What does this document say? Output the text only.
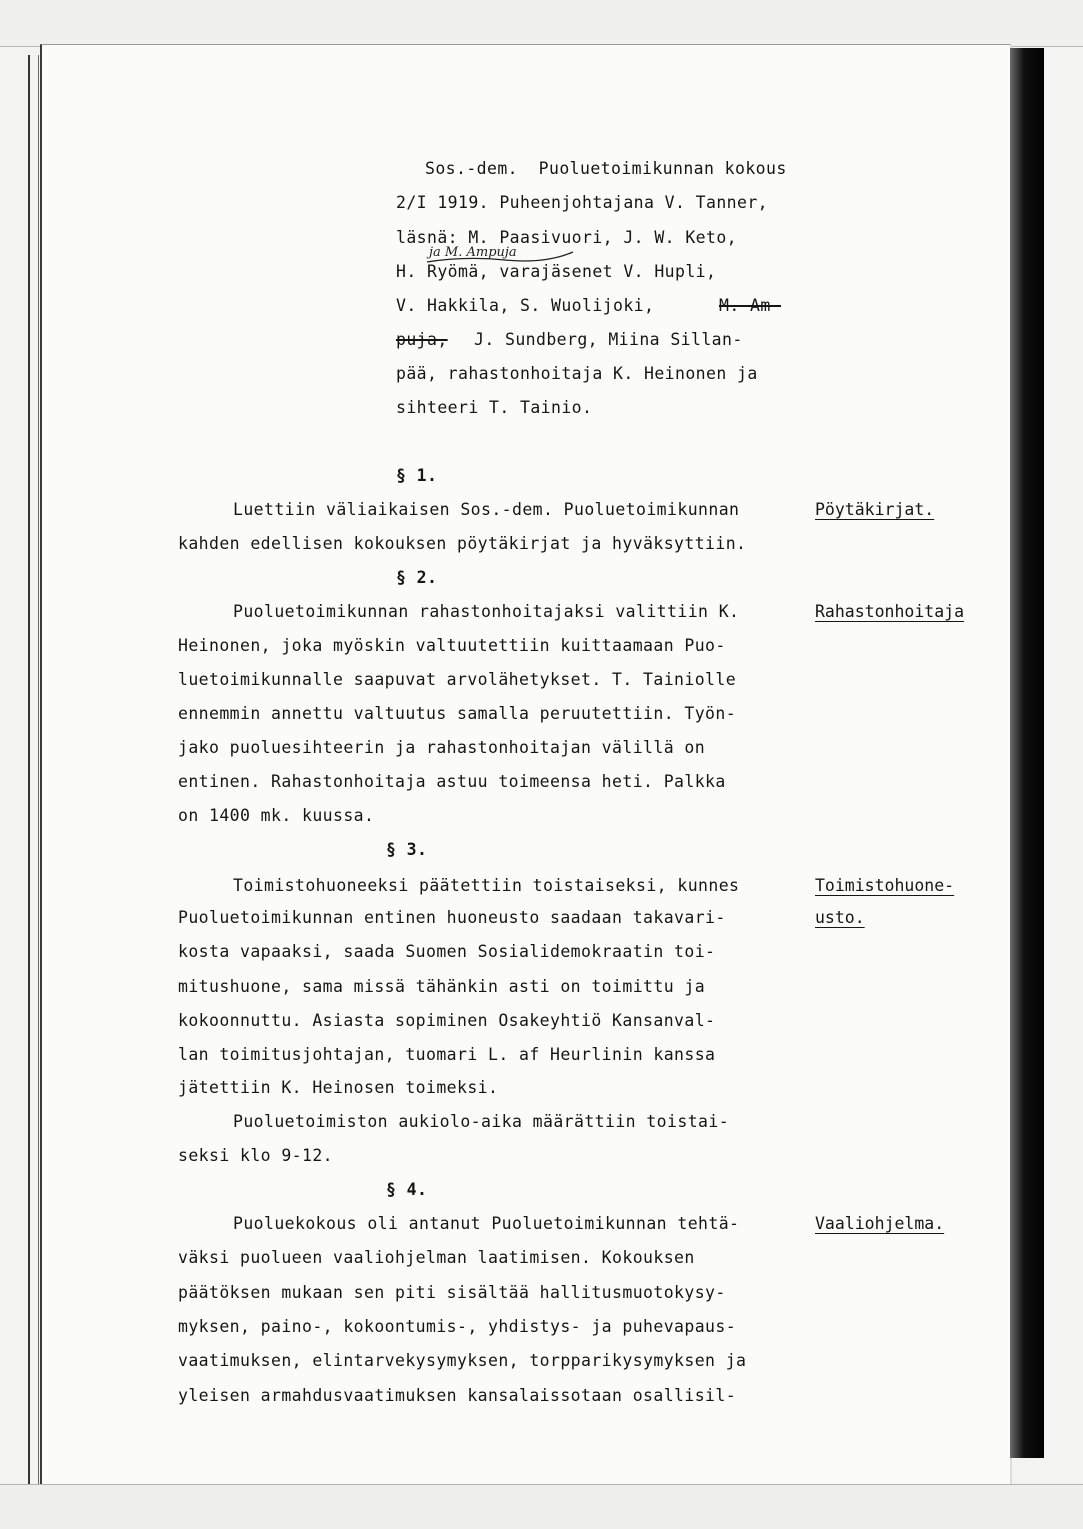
Sos.-dem.  Puoluetoimikunnan kokous
2/I 1919. Puheenjohtajana V. Tanner,
läsnä: M. Paasivuori, J. W. Keto,
ja M. Ampuja
H. Ryömä, varajäsenet V. Hupli,
V. Hakkila, S. Wuolijoki,	M. Am-
puja, J. Sundberg, Miina Sillan-
pää, rahastonhoitaja K. Heinonen ja
sihteeri T. Tainio.
§ 1.
Luettiin väliaikaisen Sos.-dem. Puoluetoimikunnan	Pöytäkirjat.
kahden edellisen kokouksen pöytäkirjat ja hyväksyttiin.
§ 2.
Puoluetoimikunnan rahastonhoitajaksi valittiin K.	Rahastonhoitaja
Heinonen, joka myöskin valtuutettiin kuittaamaan Puo-
luetoimikunnalle saapuvat arvolähetykset. T. Tainiolle
ennemmin annettu valtuutus samalla peruutettiin. Työn-
jako puoluesihteerin ja rahastonhoitajan välillä on
entinen. Rahastonhoitaja astuu toimeensa heti. Palkka
on 1400 mk. kuussa.
§ 3.
Toimistohuoneeksi päätettiin toistaiseksi, kunnes	Toimistohuone-
Puoluetoimikunnan entinen huoneusto saadaan takavari-	usto.
kosta vapaaksi, saada Suomen Sosialidemokraatin toi-
mitushuone, sama missä tähänkin asti on toimittu ja
kokoonnuttu. Asiasta sopiminen Osakeyhtiö Kansanval-
lan toimitusjohtajan, tuomari L. af Heurlinin kanssa
jätettiin K. Heinosen toimeksi.
Puoluetoimiston aukiolo-aika määrättiin toistai-
seksi klo 9-12.
§ 4.
Puoluekokous oli antanut Puoluetoimikunnan tehtä-	Vaaliohjelma.
väksi puolueen vaaliohjelman laatimisen. Kokouksen
päätöksen mukaan sen piti sisältää hallitusmuotokysy-
myksen, paino-, kokoontumis-, yhdistys- ja puhevapaus-
vaatimuksen, elintarvekysymyksen, torpparikysymyksen ja
yleisen armahdusvaatimuksen kansalaissotaan osallisil-
